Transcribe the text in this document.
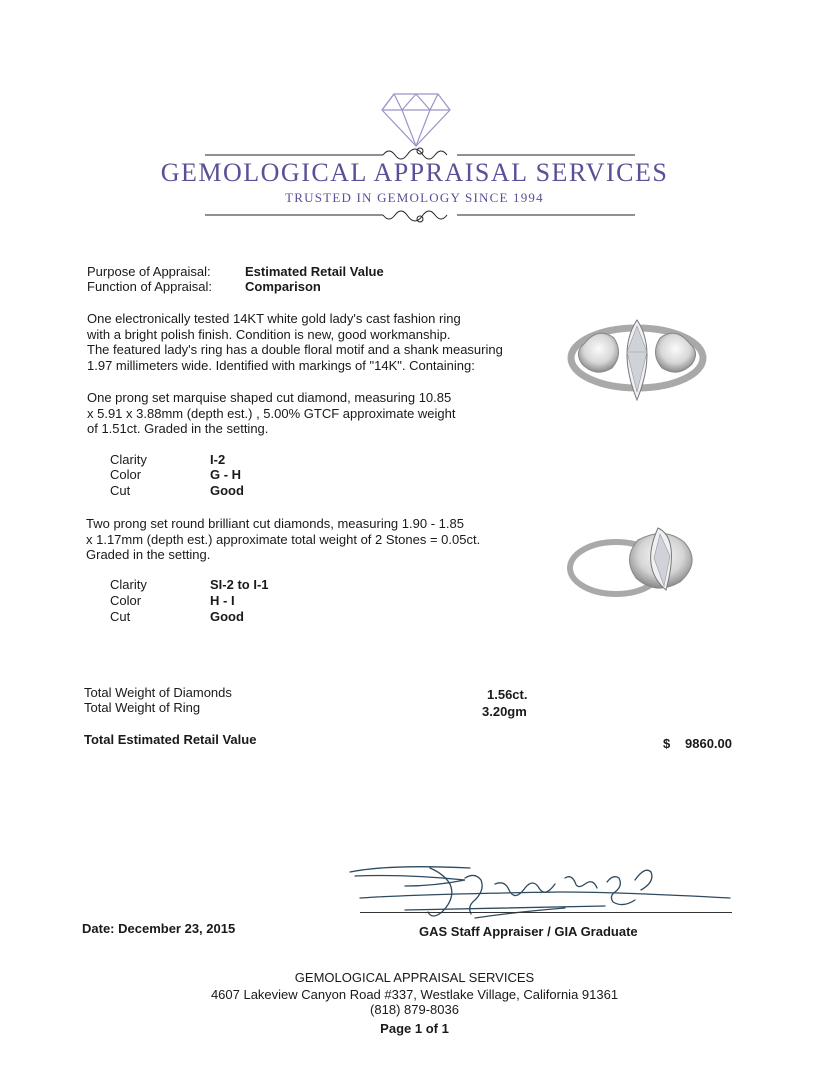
GEMOLOGICAL APPRAISAL SERVICES
TRUSTED IN GEMOLOGY SINCE 1994
Purpose of Appraisal:	Estimated Retail Value
Function of Appraisal:	Comparison
One electronically tested 14KT white gold lady's cast fashion ring
with a bright polish finish. Condition is new, good workmanship.
The featured lady's ring has a double floral motif and a shank measuring
1.97 millimeters wide. Identified with markings of "14K". Containing:
One prong set marquise shaped cut diamond, measuring 10.85
x 5.91 x 3.88mm (depth est.) , 5.00% GTCF approximate weight
of 1.51ct. Graded in the setting.
Clarity	I-2
Color	G - H
Cut	Good
Two prong set round brilliant cut diamonds, measuring 1.90 - 1.85
x 1.17mm (depth est.) approximate total weight of 2 Stones = 0.05ct.
Graded in the setting.
Clarity	SI-2 to I-1
Color	H - I
Cut	Good
Total Weight of Diamonds	1.56ct.
Total Weight of Ring	3.20gm
Total Estimated Retail Value	$ 9860.00
Date: December 23, 2015	GAS Staff Appraiser / GIA Graduate
GEMOLOGICAL APPRAISAL SERVICES
4607 Lakeview Canyon Road #337, Westlake Village, California 91361
(818) 879-8036
Page 1 of 1
